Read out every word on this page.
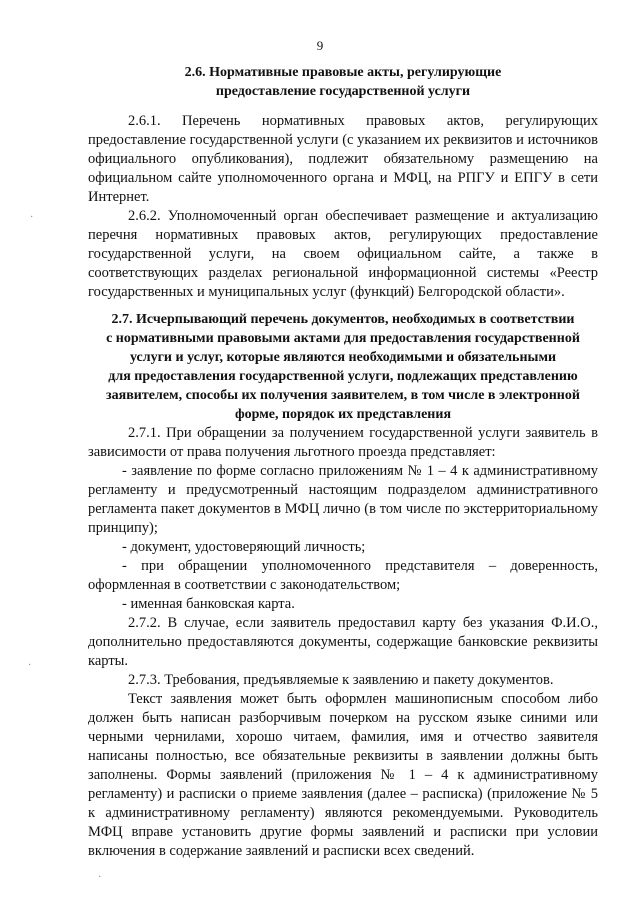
9
2.6. Нормативные правовые акты, регулирующие
предоставление государственной услуги

2.6.1. Перечень нормативных правовых актов, регулирующих предоставление государственной услуги (с указанием их реквизитов и источников официального опубликования), подлежит обязательному размещению на официальном сайте уполномоченного органа и МФЦ, на РПГУ и ЕПГУ в сети Интернет.

2.6.2. Уполномоченный орган обеспечивает размещение и актуализацию перечня нормативных правовых актов, регулирующих предоставление государственной услуги, на своем официальном сайте, а также в соответствующих разделах региональной информационной системы «Реестр государственных и муниципальных услуг (функций) Белгородской области».

2.7. Исчерпывающий перечень документов, необходимых в соответствии
с нормативными правовыми актами для предоставления государственной
услуги и услуг, которые являются необходимыми и обязательными
для предоставления государственной услуги, подлежащих представлению
заявителем, способы их получения заявителем, в том числе в электронной
форме, порядок их представления

2.7.1. При обращении за получением государственной услуги заявитель в зависимости от права получения льготного проезда представляет:

- заявление по форме согласно приложениям № 1 – 4 к административному регламенту и предусмотренный настоящим подразделом административного регламента пакет документов в МФЦ лично (в том числе по экстерриториальному принципу);

- документ, удостоверяющий личность;

- при обращении уполномоченного представителя – доверенность, оформленная в соответствии с законодательством;

- именная банковская карта.

2.7.2. В случае, если заявитель предоставил карту без указания Ф.И.О., дополнительно предоставляются документы, содержащие банковские реквизиты карты.

2.7.3. Требования, предъявляемые к заявлению и пакету документов.

Текст заявления может быть оформлен машинописным способом либо должен быть написан разборчивым почерком на русском языке синими или черными чернилами, хорошо читаем, фамилия, имя и отчество заявителя написаны полностью, все обязательные реквизиты в заявлении должны быть заполнены. Формы заявлений (приложения № 1 – 4 к административному регламенту) и расписки о приеме заявления (далее – расписка) (приложение № 5 к административному регламенту) являются рекомендуемыми. Руководитель МФЦ вправе установить другие формы заявлений и расписки при условии включения в содержание заявлений и расписки всех сведений.

·
·
·
